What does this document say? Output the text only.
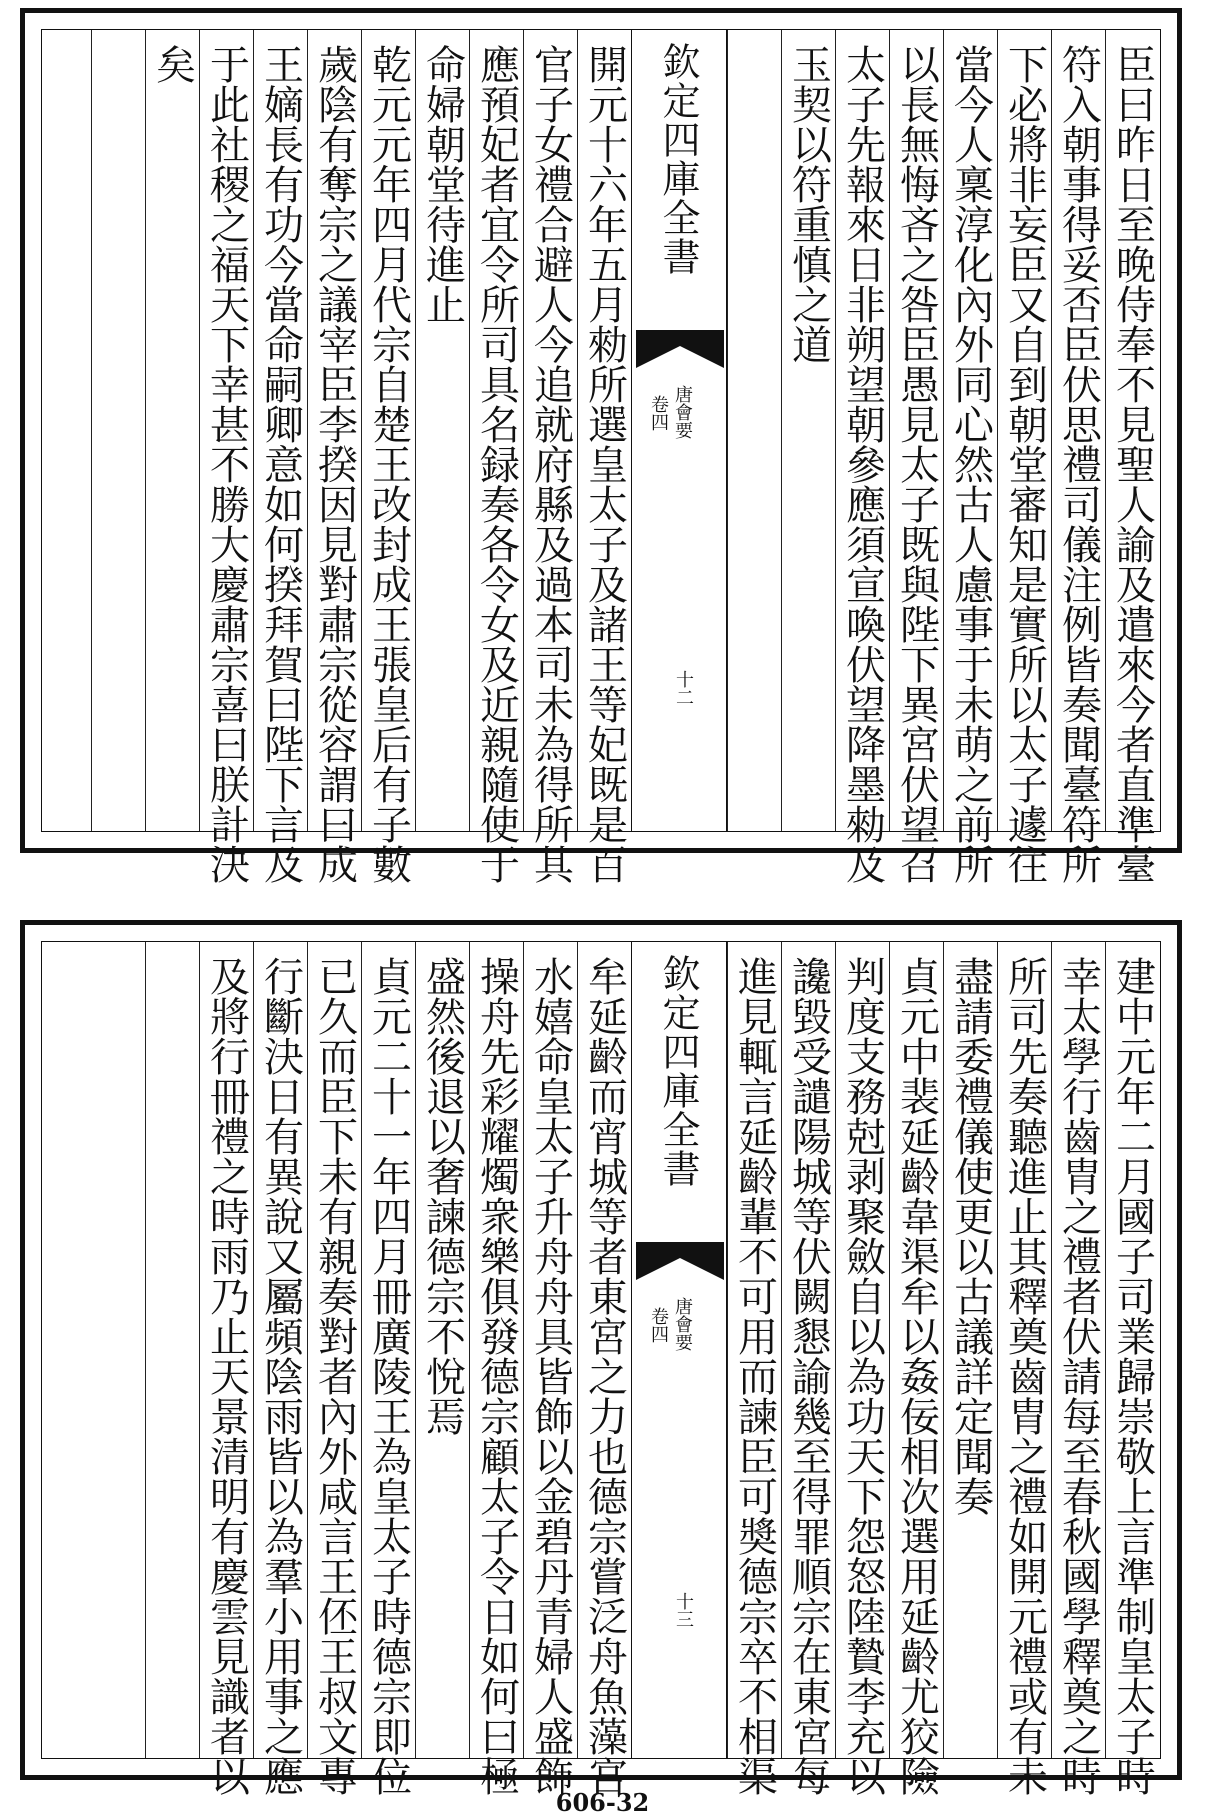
臣曰昨日至晚侍奉不見聖人諭及遣來今者直準臺
符入朝事得妥否臣伏思禮司儀注例皆奏聞臺符所
下必將非妄臣又自到朝堂審知是實所以太子遽往
當今人稟淳化內外同心然古人慮事于未萌之前所
以長無悔吝之咎臣愚見太子既與陛下異宮伏望召
太子先報來日非朔望朝參應須宣喚伏望降墨勑及
玉契以符重慎之道
欽定四庫全書
唐會要
卷四
十二
開元十六年五月勑所選皇太子及諸王等妃既是百
官子女禮合避人今追就府縣及過本司未為得所其
應預妃者宜令所司具名録奏各令女及近親隨使于
命婦朝堂待進止
乾元元年四月代宗自楚王改封成王張皇后有子數
歲陰有奪宗之議宰臣李揆因見對肅宗從容謂曰成
王嫡長有功今當命嗣卿意如何揆拜賀曰陛下言及
于此社稷之福天下幸甚不勝大慶肅宗喜曰朕計決
矣
建中元年二月國子司業歸崇敬上言準制皇太子時
幸太學行齒胄之禮者伏請每至春秋國學釋奠之時
所司先奏聽進止其釋奠齒胄之禮如開元禮或有未
盡請委禮儀使更以古議詳定聞奏
貞元中裴延齡韋渠牟以姦佞相次選用延齡尤狡險
判度支務尅剥聚斂自以為功天下怨怒陸贄李充以
讒毀受譴陽城等伏闕懇諭幾至得罪順宗在東宮每
進見輒言延齡輩不可用而諫臣可奬德宗卒不相渠
欽定四庫全書
唐會要
卷四
十三
牟延齡而宵城等者東宮之力也德宗嘗泛舟魚藻宮
水嬉命皇太子升舟舟具皆飾以金碧丹青婦人盛飾
操舟先彩耀燭衆樂俱發德宗顧太子令日如何曰極
盛然後退以奢諫德宗不悅焉
貞元二十一年四月冊廣陵王為皇太子時德宗即位
已久而臣下未有親奏對者內外咸言王伾王叔文專
行斷決日有異說又屬頻陰雨皆以為羣小用事之應
及將行冊禮之時雨乃止天景清明有慶雲見識者以
606-32
